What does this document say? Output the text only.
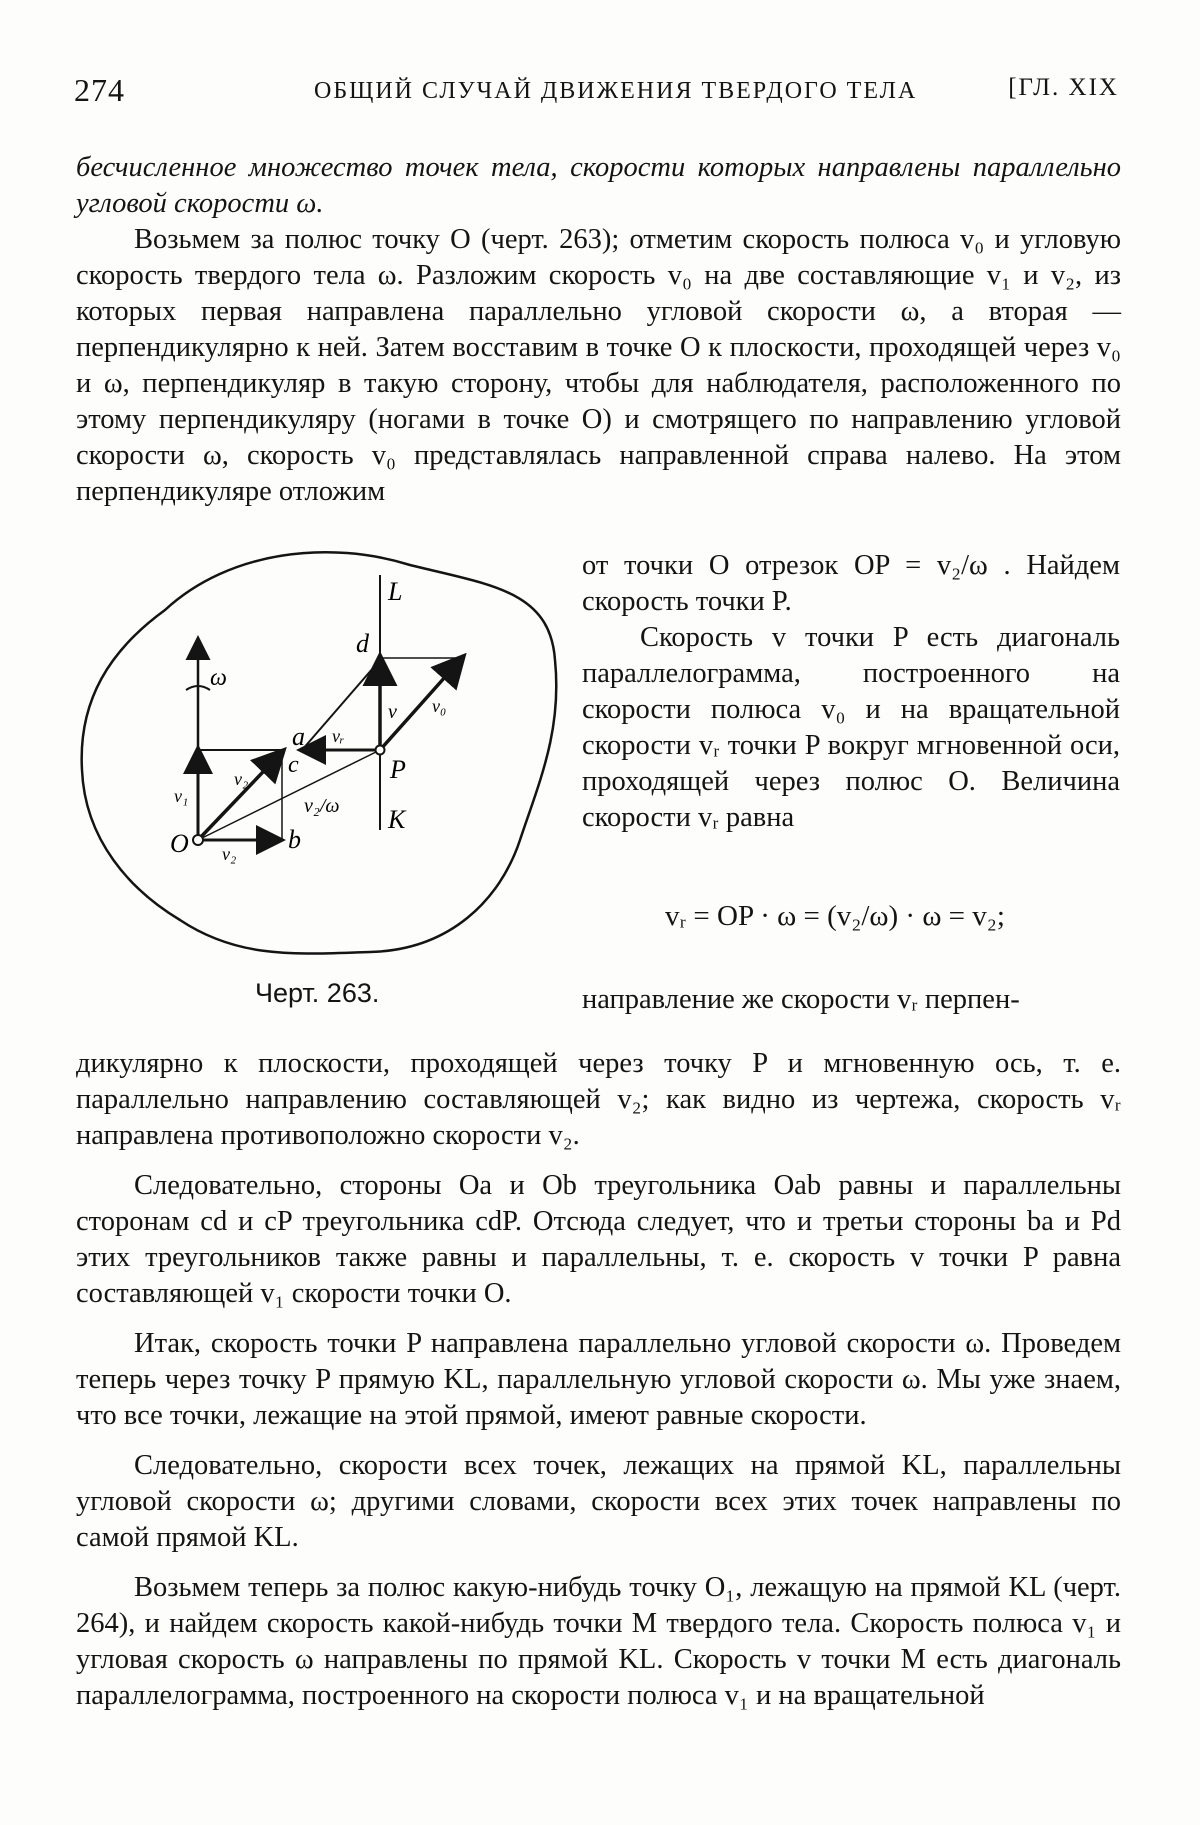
274	ОБЩИЙ СЛУЧАЙ ДВИЖЕНИЯ ТВЕРДОГО ТЕЛА	[ГЛ. XIX

бесчисленное множество точек тела, скорости которых направлены параллельно угловой скорости ω.

Возьмем за полюс точку O (черт. 263); отметим скорость полюса v₀ и угловую скорость твердого тела ω. Разложим скорость v₀ на две составляющие v₁ и v₂, из которых первая направлена параллельно угловой скорости ω, а вторая — перпендикулярно к ней. Затем восставим в точке O к плоскости, проходящей через v₀ и ω, перпендикуляр в такую сторону, чтобы для наблюдателя, расположенного по этому перпендикуляру (ногами в точке O) и смотрящего по направлению угловой скорости ω, скорость v₀ представлялась направленной справа налево. На этом перпендикуляре отложим

от точки O отрезок OP = v₂/ω . Найдем скорость точки P.

Скорость v точки P есть диагональ параллелограмма, построенного на скорости полюса v₀ и на вращательной скорости vᵣ точки P вокруг мгновенной оси, проходящей через полюс O. Величина скорости vᵣ равна

vᵣ = OP · ω = (v₂/ω) · ω = v₂;

направление же скорости vᵣ перпен-

L
K
d
c	P
O
a
b
ω
v v₀
vᵣ
v₁
v₂
v₂
v₂/ω
Черт. 263.

дикулярно к плоскости, проходящей через точку P и мгновенную ось, т. е. параллельно направлению составляющей v₂; как видно из чертежа, скорость vᵣ направлена противоположно скорости v₂.

Следовательно, стороны Oa и Ob треугольника Oab равны и параллельны сторонам cd и cP треугольника cdP. Отсюда следует, что и третьи стороны ba и Pd этих треугольников также равны и параллельны, т. е. скорость v точки P равна составляющей v₁ скорости точки O.

Итак, скорость точки P направлена параллельно угловой скорости ω. Проведем теперь через точку P прямую KL, параллельную угловой скорости ω. Мы уже знаем, что все точки, лежащие на этой прямой, имеют равные скорости.

Следовательно, скорости всех точек, лежащих на прямой KL, параллельны угловой скорости ω; другими словами, скорости всех этих точек направлены по самой прямой KL.

Возьмем теперь за полюс какую-нибудь точку O₁, лежащую на прямой KL (черт. 264), и найдем скорость какой-нибудь точки M твердого тела. Скорость полюса v₁ и угловая скорость ω направлены по прямой KL. Скорость v точки M есть диагональ параллелограмма, построенного на скорости полюса v₁ и на вращательной
